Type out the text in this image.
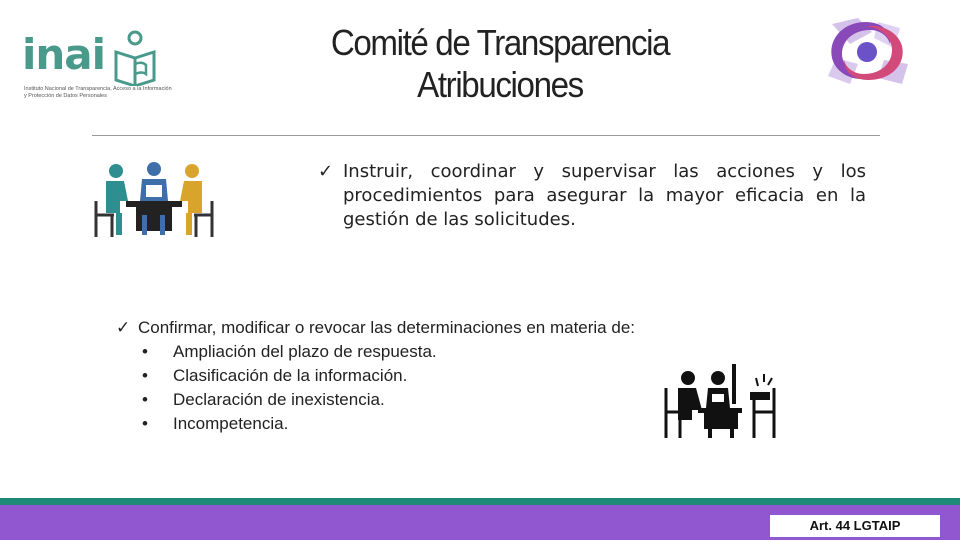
inai
Instituto Nacional de Transparencia, Acceso a la Información y Protección de Datos Personales
Comité de Transparencia
Atribuciones
✓ Instruir, coordinar y supervisar las acciones y los procedimientos para asegurar la mayor eficacia en la gestión de las solicitudes.
✓ Confirmar, modificar o revocar las determinaciones en materia de:
• Ampliación del plazo de respuesta.
• Clasificación de la información.
• Declaración de inexistencia.
• Incompetencia.
Art. 44 LGTAIP
